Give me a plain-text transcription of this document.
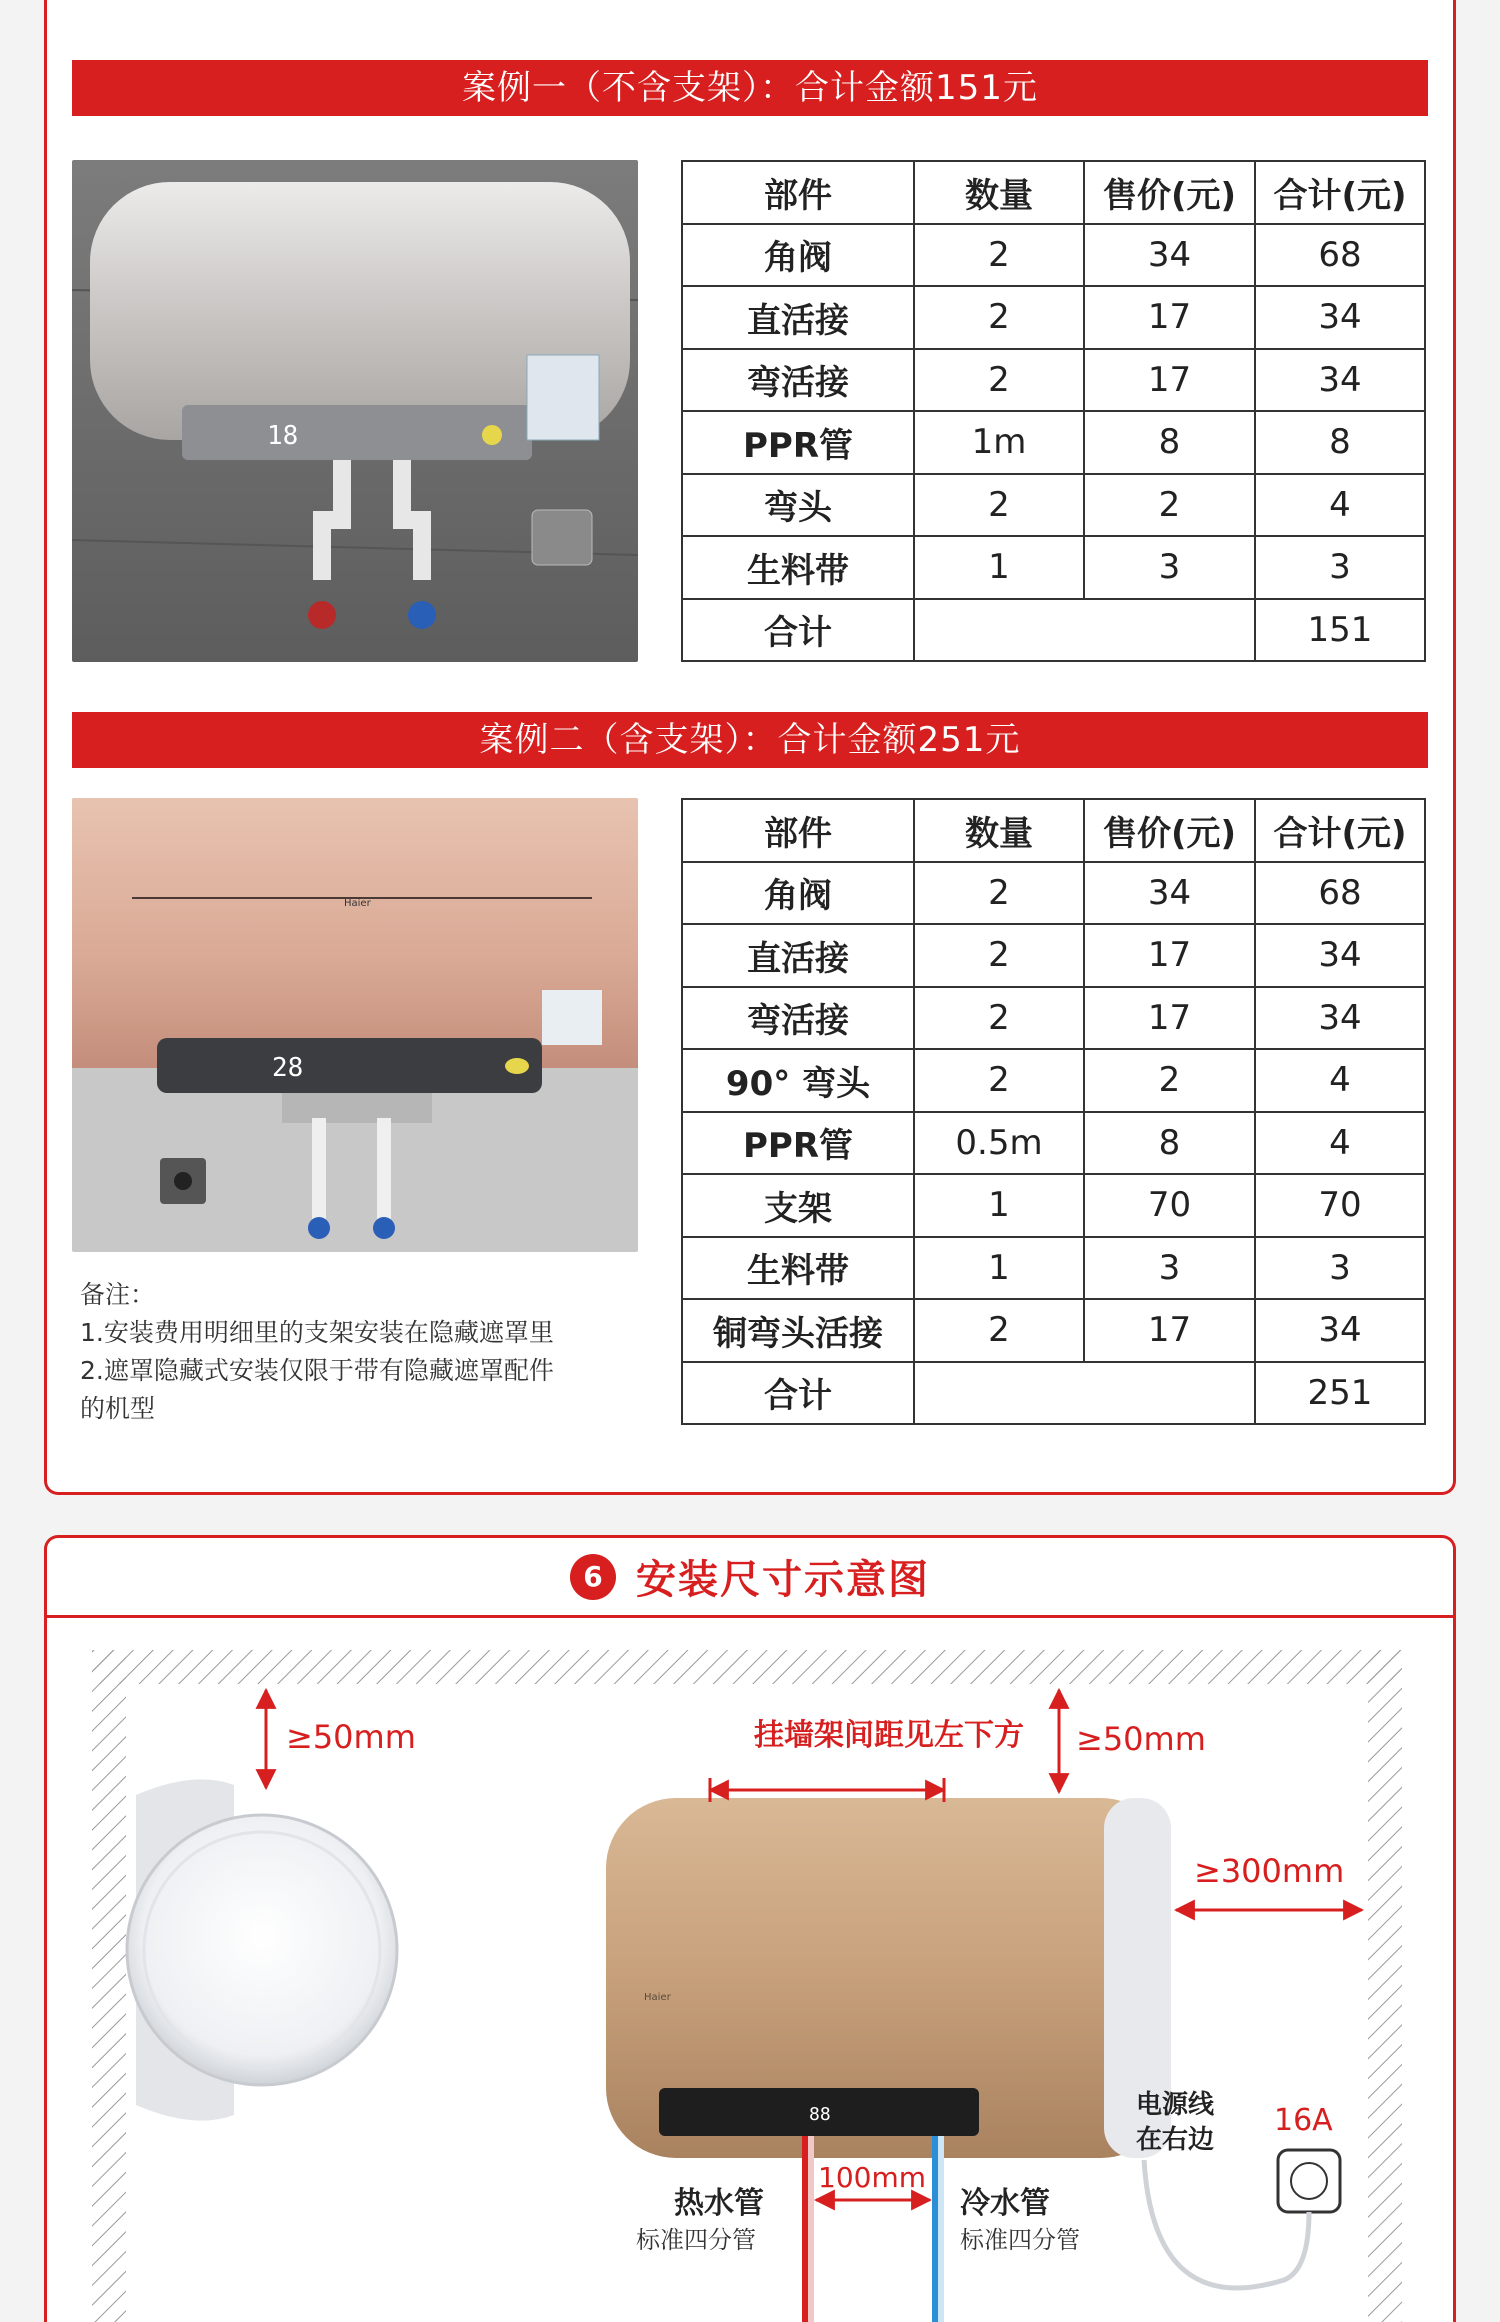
案例一（不含支架）：合计金额151元
18
部件	数量	售价(元)	合计(元)
角阀	2	34	68
直活接	2	17	34
弯活接	2	17	34
PPR管	1m	8	8
弯头	2	2	4
生料带	1	3	3
合计			151
案例二（含支架）：合计金额251元
Haier
28
部件	数量	售价(元)	合计(元)
角阀	2	34	68
直活接	2	17	34
弯活接	2	17	34
90° 弯头	2	2	4
PPR管	0.5m	8	4
支架	1	70	70
生料带	1	3	3
铜弯头活接	2	17	34
合计			251
备注：
1.安装费用明细里的支架安装在隐藏遮罩里
2.遮罩隐藏式安装仅限于带有隐藏遮罩配件
的机型
6 安装尺寸示意图
≥50mm
88
Haier
挂墙架间距见左下方 ≥50mm
≥300mm
100mm
热水管
标准四分管
冷水管
标准四分管
电源线
在右边
16A
